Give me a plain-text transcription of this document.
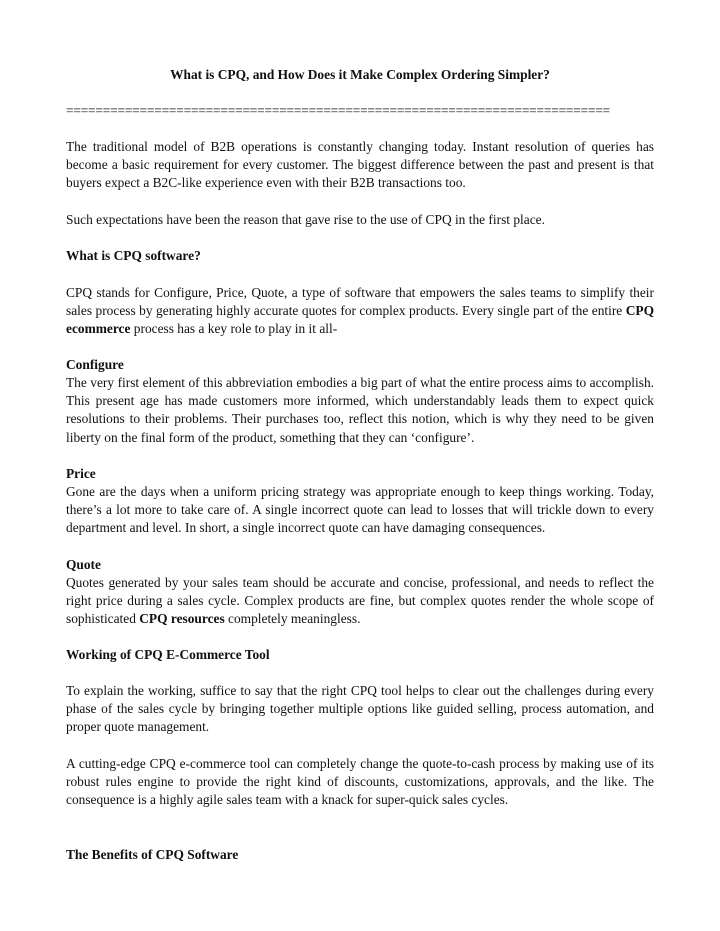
What is CPQ, and How Does it Make Complex Ordering Simpler?
==========================================================================

The traditional model of B2B operations is constantly changing today. Instant resolution of queries has become a basic requirement for every customer. The biggest difference between the past and present is that buyers expect a B2C-like experience even with their B2B transactions too.

Such expectations have been the reason that gave rise to the use of CPQ in the first place.

What is CPQ software?

CPQ stands for Configure, Price, Quote, a type of software that empowers the sales teams to simplify their sales process by generating highly accurate quotes for complex products. Every single part of the entire CPQ ecommerce process has a key role to play in it all-

Configure

The very first element of this abbreviation embodies a big part of what the entire process aims to accomplish. This present age has made customers more informed, which understandably leads them to expect quick resolutions to their problems. Their purchases too, reflect this notion, which is why they need to be given liberty on the final form of the product, something that they can ‘configure’.

Price

Gone are the days when a uniform pricing strategy was appropriate enough to keep things working. Today, there’s a lot more to take care of. A single incorrect quote can lead to losses that will trickle down to every department and level. In short, a single incorrect quote can have damaging consequences.

Quote

Quotes generated by your sales team should be accurate and concise, professional, and needs to reflect the right price during a sales cycle. Complex products are fine, but complex quotes render the whole scope of sophisticated CPQ resources completely meaningless.

Working of CPQ E-Commerce Tool

To explain the working, suffice to say that the right CPQ tool helps to clear out the challenges during every phase of the sales cycle by bringing together multiple options like guided selling, process automation, and proper quote management.

A cutting-edge CPQ e-commerce tool can completely change the quote-to-cash process by making use of its robust rules engine to provide the right kind of discounts, customizations, approvals, and the like. The consequence is a highly agile sales team with a knack for super-quick sales cycles.

The Benefits of CPQ Software
